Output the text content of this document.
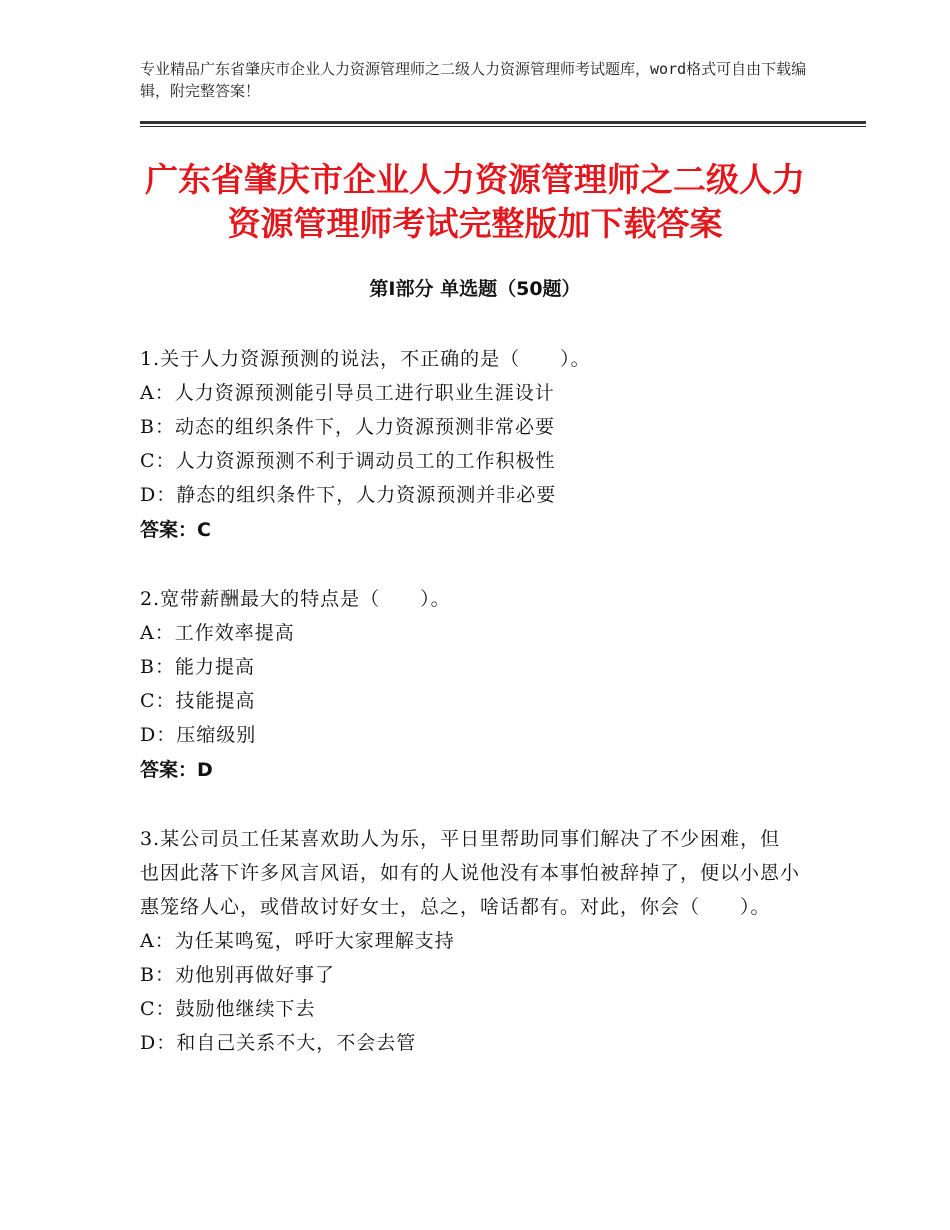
专业精品广东省肇庆市企业人力资源管理师之二级人力资源管理师考试题库，word格式可自由下载编辑，附完整答案！
广东省肇庆市企业人力资源管理师之二级人力资源管理师考试完整版加下载答案
第Ⅰ部分 单选题（50题）
1.关于人力资源预测的说法，不正确的是（　　）。
A：人力资源预测能引导员工进行职业生涯设计
B：动态的组织条件下，人力资源预测非常必要
C：人力资源预测不利于调动员工的工作积极性
D：静态的组织条件下，人力资源预测并非必要
答案：C
2.宽带薪酬最大的特点是（　　）。
A：工作效率提高
B：能力提高
C：技能提高
D：压缩级别
答案：D
3.某公司员工任某喜欢助人为乐，平日里帮助同事们解决了不少困难，但也因此落下许多风言风语，如有的人说他没有本事怕被辞掉了，便以小恩小惠笼络人心，或借故讨好女士，总之，啥话都有。对此，你会（　　）。
A：为任某鸣冤，呼吁大家理解支持
B：劝他别再做好事了
C：鼓励他继续下去
D：和自己关系不大，不会去管
